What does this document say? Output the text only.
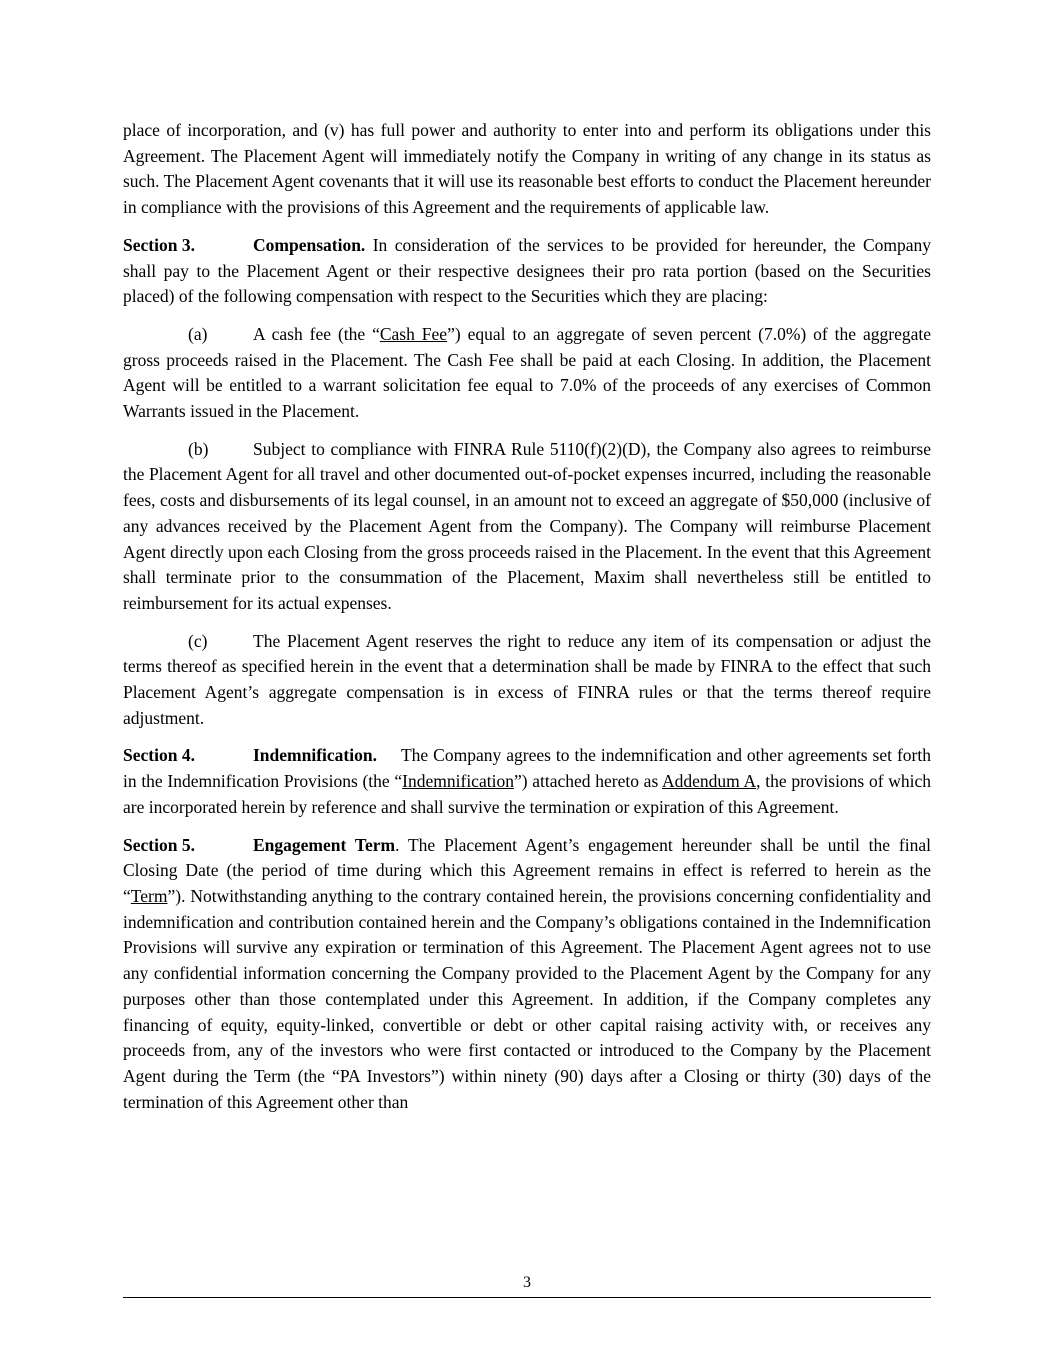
place of incorporation, and (v) has full power and authority to enter into and perform its obligations under this Agreement. The Placement Agent will immediately notify the Company in writing of any change in its status as such. The Placement Agent covenants that it will use its reasonable best efforts to conduct the Placement hereunder in compliance with the provisions of this Agreement and the requirements of applicable law.

Section 3.	Compensation. In consideration of the services to be provided for hereunder, the Company shall pay to the Placement Agent or their respective designees their pro rata portion (based on the Securities placed) of the following compensation with respect to the Securities which they are placing:

(a)	A cash fee (the “Cash Fee”) equal to an aggregate of seven percent (7.0%) of the aggregate gross proceeds raised in the Placement. The Cash Fee shall be paid at each Closing. In addition, the Placement Agent will be entitled to a warrant solicitation fee equal to 7.0% of the proceeds of any exercises of Common Warrants issued in the Placement.

(b)	Subject to compliance with FINRA Rule 5110(f)(2)(D), the Company also agrees to reimburse the Placement Agent for all travel and other documented out-of-pocket expenses incurred, including the reasonable fees, costs and disbursements of its legal counsel, in an amount not to exceed an aggregate of $50,000 (inclusive of any advances received by the Placement Agent from the Company). The Company will reimburse Placement Agent directly upon each Closing from the gross proceeds raised in the Placement. In the event that this Agreement shall terminate prior to the consummation of the Placement, Maxim shall nevertheless still be entitled to reimbursement for its actual expenses.

(c)	The Placement Agent reserves the right to reduce any item of its compensation or adjust the terms thereof as specified herein in the event that a determination shall be made by FINRA to the effect that such Placement Agent’s aggregate compensation is in excess of FINRA rules or that the terms thereof require adjustment.

Section 4.	Indemnification. The Company agrees to the indemnification and other agreements set forth in the Indemnification Provisions (the “Indemnification”) attached hereto as Addendum A, the provisions of which are incorporated herein by reference and shall survive the termination or expiration of this Agreement.

Section 5.	Engagement Term. The Placement Agent’s engagement hereunder shall be until the final Closing Date (the period of time during which this Agreement remains in effect is referred to herein as the “Term”). Notwithstanding anything to the contrary contained herein, the provisions concerning confidentiality and indemnification and contribution contained herein and the Company’s obligations contained in the Indemnification Provisions will survive any expiration or termination of this Agreement. The Placement Agent agrees not to use any confidential information concerning the Company provided to the Placement Agent by the Company for any purposes other than those contemplated under this Agreement. In addition, if the Company completes any financing of equity, equity-linked, convertible or debt or other capital raising activity with, or receives any proceeds from, any of the investors who were first contacted or introduced to the Company by the Placement Agent during the Term (the “PA Investors”) within ninety (90) days after a Closing or thirty (30) days of the termination of this Agreement other than

3
